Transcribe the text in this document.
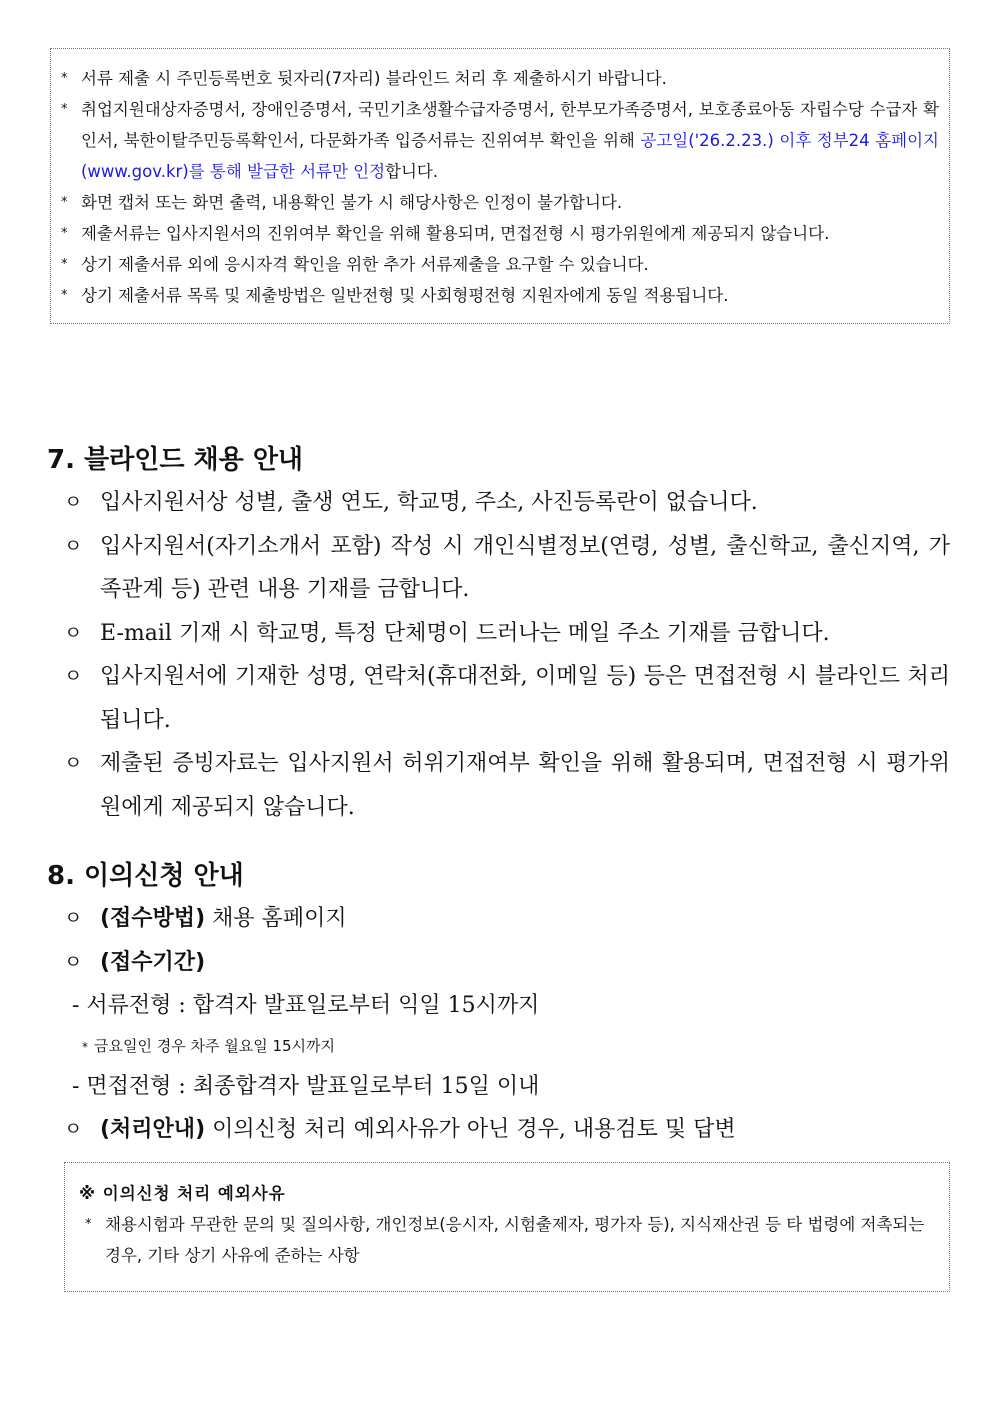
* 서류 제출 시 주민등록번호 뒷자리(7자리) 블라인드 처리 후 제출하시기 바랍니다.
* 취업지원대상자증명서, 장애인증명서, 국민기초생활수급자증명서, 한부모가족증명서, 보호종료아동 자립수당 수급자 확인서, 북한이탈주민등록확인서, 다문화가족 입증서류는 진위여부 확인을 위해 공고일('26.2.23.) 이후 정부24 홈페이지(www.gov.kr)를 통해 발급한 서류만 인정합니다.
* 화면 캡처 또는 화면 출력, 내용확인 불가 시 해당사항은 인정이 불가합니다.
* 제출서류는 입사지원서의 진위여부 확인을 위해 활용되며, 면접전형 시 평가위원에게 제공되지 않습니다.
* 상기 제출서류 외에 응시자격 확인을 위한 추가 서류제출을 요구할 수 있습니다.
* 상기 제출서류 목록 및 제출방법은 일반전형 및 사회형평전형 지원자에게 동일 적용됩니다.
7. 블라인드 채용 안내
ㅇ 입사지원서상 성별, 출생 연도, 학교명, 주소, 사진등록란이 없습니다.
ㅇ 입사지원서(자기소개서 포함) 작성 시 개인식별정보(연령, 성별, 출신학교, 출신지역, 가족관계 등) 관련 내용 기재를 금합니다.
ㅇ E-mail 기재 시 학교명, 특정 단체명이 드러나는 메일 주소 기재를 금합니다.
ㅇ 입사지원서에 기재한 성명, 연락처(휴대전화, 이메일 등) 등은 면접전형 시 블라인드 처리됩니다.
ㅇ 제출된 증빙자료는 입사지원서 허위기재여부 확인을 위해 활용되며, 면접전형 시 평가위원에게 제공되지 않습니다.
8. 이의신청 안내
ㅇ (접수방법) 채용 홈페이지
ㅇ (접수기간)
- 서류전형 : 합격자 발표일로부터 익일 15시까지
* 금요일인 경우 차주 월요일 15시까지
- 면접전형 : 최종합격자 발표일로부터 15일 이내
ㅇ (처리안내) 이의신청 처리 예외사유가 아닌 경우, 내용검토 및 답변
※ 이의신청 처리 예외사유
* 채용시험과 무관한 문의 및 질의사항, 개인정보(응시자, 시험출제자, 평가자 등), 지식재산권 등 타 법령에 저촉되는 경우, 기타 상기 사유에 준하는 사항
